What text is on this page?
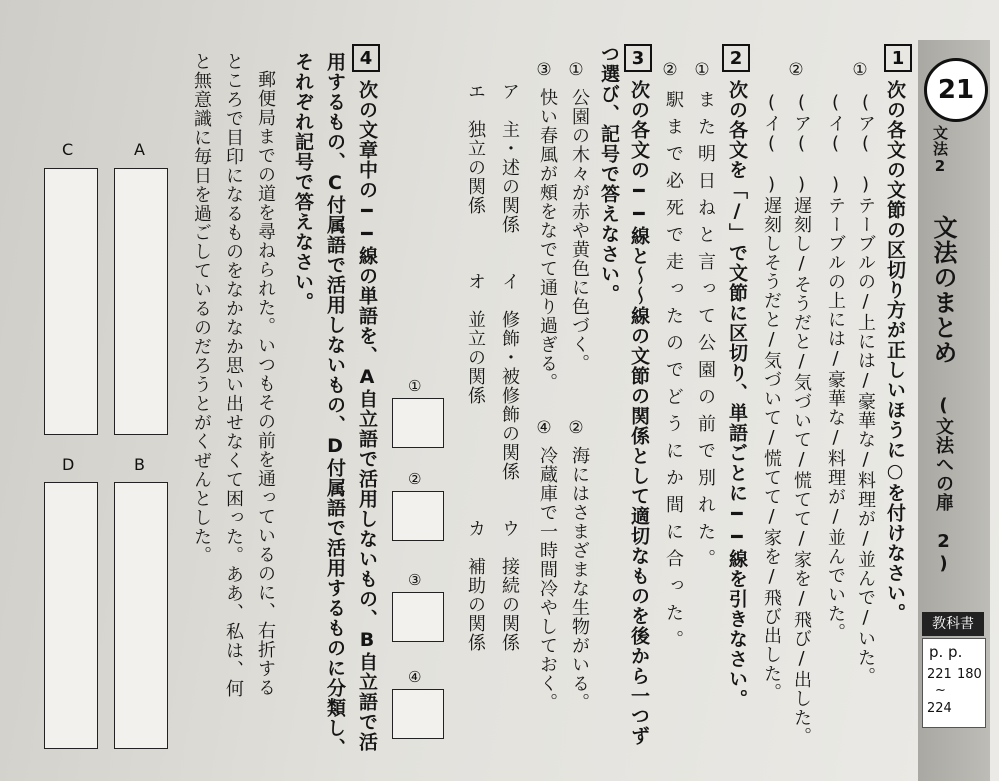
21
教科書
p. p.
180
221
~
224
文法2
文法のまとめ
(文法への扉　2)
1
次の各文の文節の区切り方が正しいほうに○を付けなさい。
①
(ア(　)テーブルの/上には/豪華な/料理が/並んで/いた。
(イ(　)テーブルの上には/豪華な/料理が/並んでいた。
②
(ア(　)遅刻し/そうだと/気づいて/慌てて/家を/飛び/出した。
(イ(　)遅刻しそうだと/気づいて/慌てて/家を/飛び出した。
2
次の各文を「/」で文節に区切り、単語ごとに━━線を引きなさい。
①
また明日ねと言って公園の前で別れた。
②
駅まで必死で走ったのでどうにか間に合った。
3
次の各文の━━線と～～線の文節の関係として適切なものを後から一つず
つ選び、記号で答えなさい。
①
公園の木々が赤や黄色に色づく。
②
海にはさまざまな生物がいる。
③
快い春風が頰をなでて通り過ぎる。
④
冷蔵庫で一時間冷やしておく。
ア　主・述の関係　　イ　修飾・被修飾の関係　　ウ　接続の関係
エ　独立の関係　　　オ　並立の関係　　　　　　カ　補助の関係
①
②
③
④
4
次の文章中の━━線の単語を、A自立語で活用しないもの、B自立語で活
用するもの、C付属語で活用しないもの、D付属語で活用するものに分類し、
それぞれ記号で答えなさい。
郵便局までの道を尋ねられた。いつもその前を通っているのに、右折する
ところで目印になるものをなかなか思い出せなくて困った。ああ、私は、何
と無意識に毎日を過ごしているのだろうとがくぜんとした。
A
B
C
D
